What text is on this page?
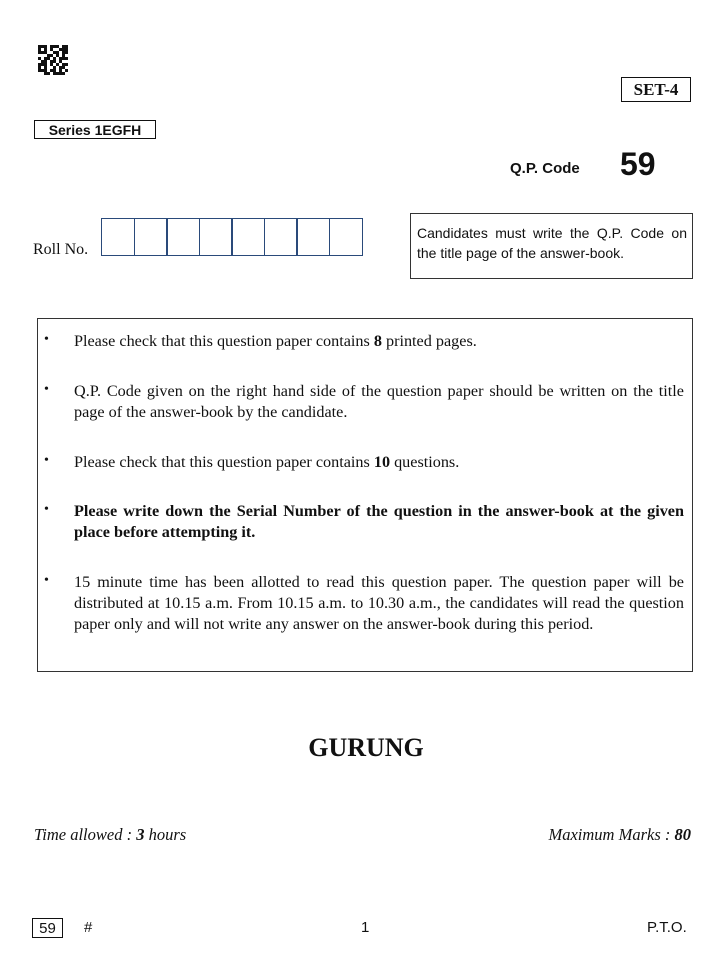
SET-4
Series 1EGFH
Q.P. Code 59
Roll No.
Candidates must write the Q.P. Code on the title page of the answer-book.
• Please check that this question paper contains 8 printed pages.
• Q.P. Code given on the right hand side of the question paper should be written on the title page of the answer-book by the candidate.
• Please check that this question paper contains 10 questions.
• Please write down the Serial Number of the question in the answer-book at the given place before attempting it.
• 15 minute time has been allotted to read this question paper. The question paper will be distributed at 10.15 a.m. From 10.15 a.m. to 10.30 a.m., the candidates will read the question paper only and will not write any answer on the answer-book during this period.
GURUNG
Time allowed : 3 hours	Maximum Marks : 80
59	#	1	P.T.O.
